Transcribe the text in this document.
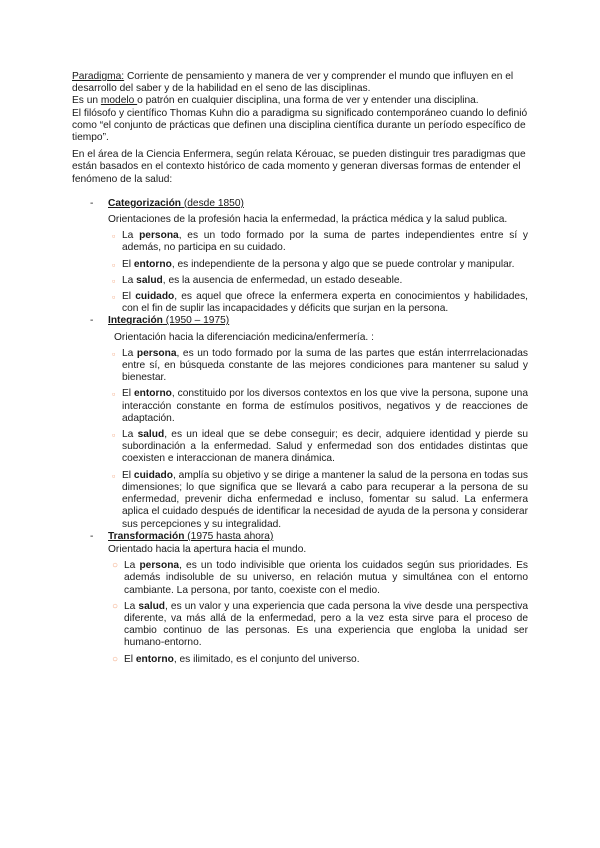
Paradigma: Corriente de pensamiento y manera de ver y comprender el mundo que influyen en el desarrollo del saber y de la habilidad en el seno de las disciplinas.

Es un modelo o patrón en cualquier disciplina, una forma de ver y entender una disciplina.

El filósofo y científico Thomas Kuhn dio a paradigma su significado contemporáneo cuando lo definió como “el conjunto de prácticas que definen una disciplina científica durante un período específico de tiempo”.

En el área de la Ciencia Enfermera, según relata Kérouac, se pueden distinguir tres paradigmas que están basados en el contexto histórico de cada momento y generan diversas formas de entender el fenómeno de la salud:

- Categorización (desde 1850)
Orientaciones de la profesión hacia la enfermedad, la práctica médica y la salud publica.
▫ La persona, es un todo formado por la suma de partes independientes entre sí y además, no participa en su cuidado.
▫ El entorno, es independiente de la persona y algo que se puede controlar y manipular.
▫ La salud, es la ausencia de enfermedad, un estado deseable.
▫ El cuidado, es aquel que ofrece la enfermera experta en conocimientos y habilidades, con el fin de suplir las incapacidades y déficits que surjan en la persona.
- Integración (1950 – 1975)
Orientación hacia la diferenciación medicina/enfermería. :
▫ La persona, es un todo formado por la suma de las partes que están interrrelacionadas entre sí, en búsqueda constante de las mejores condiciones para mantener su salud y bienestar.
▫ El entorno, constituido por los diversos contextos en los que vive la persona, supone una interacción constante en forma de estímulos positivos, negativos y de reacciones de adaptación.
▫ La salud, es un ideal que se debe conseguir; es decir, adquiere identidad y pierde su subordinación a la enfermedad. Salud y enfermedad son dos entidades distintas que coexisten e interaccionan de manera dinámica.
▫ El cuidado, amplía su objetivo y se dirige a mantener la salud de la persona en todas sus dimensiones; lo que significa que se llevará a cabo para recuperar a la persona de su enfermedad, prevenir dicha enfermedad e incluso, fomentar su salud. La enfermera aplica el cuidado después de identificar la necesidad de ayuda de la persona y considerar sus percepciones y su integralidad.
- Transformación (1975 hasta ahora)
Orientado hacia la apertura hacia el mundo.
○ La persona, es un todo indivisible que orienta los cuidados según sus prioridades. Es además indisoluble de su universo, en relación mutua y simultánea con el entorno cambiante. La persona, por tanto, coexiste con el medio.
○ La salud, es un valor y una experiencia que cada persona la vive desde una perspectiva diferente, va más allá de la enfermedad, pero a la vez esta sirve para el proceso de cambio continuo de las personas. Es una experiencia que engloba la unidad ser humano-entorno.
○ El entorno, es ilimitado, es el conjunto del universo.
